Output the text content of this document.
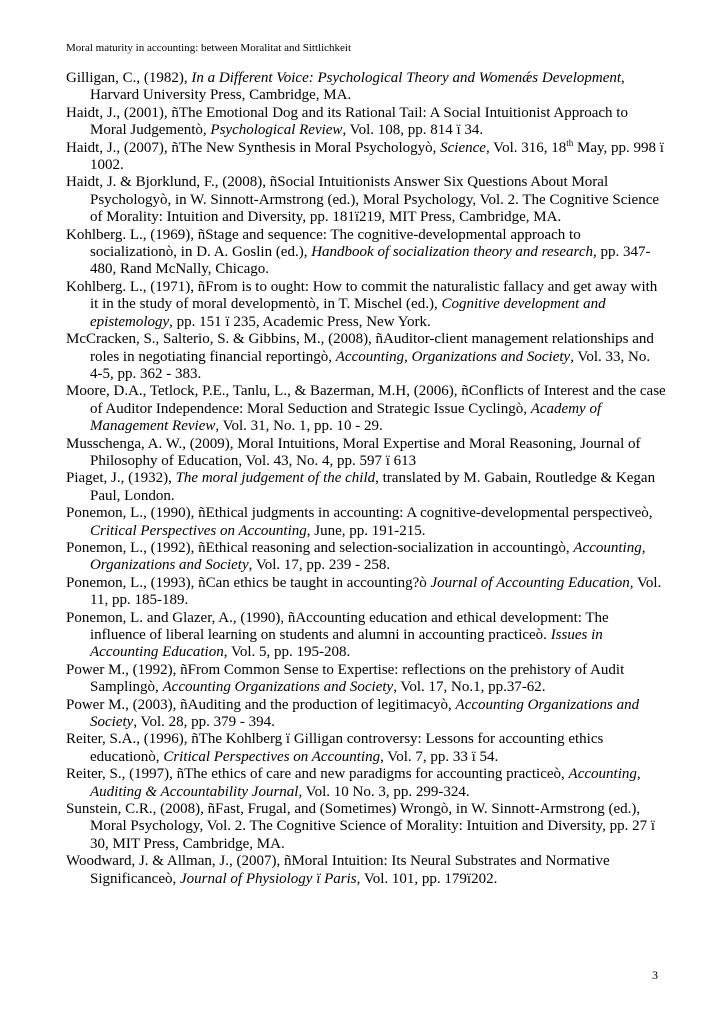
Moral maturity in accounting: between Moralitat and Sittlichkeit

Gilligan, C., (1982), In a Different Voice: Psychological Theory and Womenǽs Development, Harvard University Press, Cambridge, MA.

Haidt, J., (2001), ñThe Emotional Dog and its Rational Tail: A Social Intuitionist Approach to Moral Judgementò, Psychological Review, Vol. 108, pp. 814 ï 34.

Haidt, J., (2007), ñThe New Synthesis in Moral Psychologyò, Science, Vol. 316, 18th May, pp. 998 ï 1002.

Haidt, J. & Bjorklund, F., (2008), ñSocial Intuitionists Answer Six Questions About Moral Psychologyò, in W. Sinnott-Armstrong (ed.), Moral Psychology, Vol. 2. The Cognitive Science of Morality: Intuition and Diversity, pp. 181ï219, MIT Press, Cambridge, MA.

Kohlberg. L., (1969), ñStage and sequence: The cognitive-developmental approach to socializationò, in D. A. Goslin (ed.), Handbook of socialization theory and research, pp. 347-480, Rand McNally, Chicago.

Kohlberg. L., (1971), ñFrom is to ought: How to commit the naturalistic fallacy and get away with it in the study of moral developmentò, in T. Mischel (ed.), Cognitive development and epistemology, pp. 151 ï 235, Academic Press, New York.

McCracken, S., Salterio, S. & Gibbins, M., (2008), ñAuditor-client management relationships and roles in negotiating financial reportingò, Accounting, Organizations and Society, Vol. 33, No. 4-5, pp. 362 - 383.

Moore, D.A., Tetlock, P.E., Tanlu, L., & Bazerman, M.H, (2006), ñConflicts of Interest and the case of Auditor Independence: Moral Seduction and Strategic Issue Cyclingò, Academy of Management Review, Vol. 31, No. 1, pp. 10 - 29.

Musschenga, A. W., (2009), Moral Intuitions, Moral Expertise and Moral Reasoning, Journal of Philosophy of Education, Vol. 43, No. 4, pp. 597 ï 613

Piaget, J., (1932), The moral judgement of the child, translated by M. Gabain, Routledge & Kegan Paul, London.

Ponemon, L., (1990), ñEthical judgments in accounting: A cognitive-developmental perspectiveò, Critical Perspectives on Accounting, June, pp. 191-215.

Ponemon, L., (1992), ñEthical reasoning and selection-socialization in accountingò, Accounting, Organizations and Society, Vol. 17, pp. 239 - 258.

Ponemon, L., (1993), ñCan ethics be taught in accounting?ò Journal of Accounting Education, Vol. 11, pp. 185-189.

Ponemon, L. and Glazer, A., (1990), ñAccounting education and ethical development: The influence of liberal learning on students and alumni in accounting practiceò. Issues in Accounting Education, Vol. 5, pp. 195-208.

Power M., (1992), ñFrom Common Sense to Expertise: reflections on the prehistory of Audit Samplingò, Accounting Organizations and Society, Vol. 17, No.1, pp.37-62.

Power M., (2003), ñAuditing and the production of legitimacyò, Accounting Organizations and Society, Vol. 28, pp. 379 - 394.

Reiter, S.A., (1996), ñThe Kohlberg ï Gilligan controversy: Lessons for accounting ethics educationò, Critical Perspectives on Accounting, Vol. 7, pp. 33 ï 54.

Reiter, S., (1997), ñThe ethics of care and new paradigms for accounting practiceò, Accounting, Auditing & Accountability Journal, Vol. 10 No. 3, pp. 299-324.

Sunstein, C.R., (2008), ñFast, Frugal, and (Sometimes) Wrongò, in W. Sinnott-Armstrong (ed.), Moral Psychology, Vol. 2. The Cognitive Science of Morality: Intuition and Diversity, pp. 27 ï 30, MIT Press, Cambridge, MA.

Woodward, J. & Allman, J., (2007), ñMoral Intuition: Its Neural Substrates and Normative Significanceò, Journal of Physiology ï Paris, Vol. 101, pp. 179ï202.

3
